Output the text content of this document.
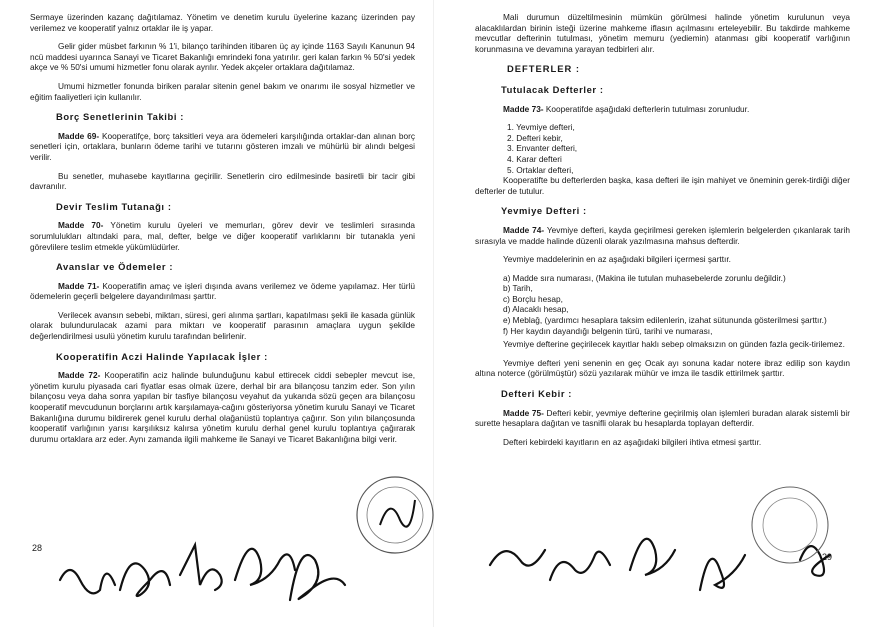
Sermaye üzerinden kazanç dağıtılamaz. Yönetim ve denetim kurulu üyelerine kazanç üzerinden pay verilemez ve kooperatif yalnız ortaklar ile iş yapar.

Gelir gider müsbet farkının % 1'i, bilanço tarihinden itibaren üç ay içinde 1163 Sayılı Kanunun 94 ncü maddesi uyarınca Sanayi ve Ticaret Bakanlığı emrindeki fona yatırılır. geri kalan farkın % 50'si yedek akçe ve % 50'si umumi hizmetler fonu olarak ayrılır. Yedek akçeler ortaklara dağıtılamaz.

Umumi hizmetler fonunda biriken paralar sitenin genel bakım ve onarımı ile sosyal hizmetler ve eğitim faaliyetleri için kullanılır.

Borç Senetlerinin Takibi :

Madde 69- Kooperatifçe, borç taksitleri veya ara ödemeleri karşılığında ortaklar-dan alınan borç senetleri için, ortaklara, bunların ödeme tarihi ve tutarını gösteren imzalı ve mühürlü bir alındı belgesi verilir.

Bu senetler, muhasebe kayıtlarına geçirilir. Senetlerin ciro edilmesinde basiretli bir tacir gibi davranılır.

Devir Teslim Tutanağı :

Madde 70- Yönetim kurulu üyeleri ve memurları, görev devir ve teslimleri sırasında sorumlulukları altındaki para, mal, defter, belge ve diğer kooperatif varlıklarını bir tutanakla yeni görevlilere teslim etmekle yükümlüdürler.

Avanslar ve Ödemeler :

Madde 71- Kooperatifin amaç ve işleri dışında avans verilemez ve ödeme yapılamaz. Her türlü ödemelerin geçerli belgelere dayandırılması şarttır.

Verilecek avansın sebebi, miktarı, süresi, geri alınma şartları, kapatılması şekli ile kasada günlük olarak bulundurulacak azami para miktarı ve kooperatif parasının amaçlara uygun şekilde değerlendirilmesi usulü yönetim kurulu tarafından belirlenir.

Kooperatifin Aczi Halinde Yapılacak İşler :

Madde 72- Kooperatifin aciz halinde bulunduğunu kabul ettirecek ciddi sebepler mevcut ise, yönetim kurulu piyasada cari fiyatlar esas olmak üzere, derhal bir ara bilançosu tanzim eder. Son yılın bilançosu veya daha sonra yapılan bir tasfiye bilançosu veyahut da yukarıda sözü geçen ara bilançosu kooperatif mevcudunun borçlarını artık karşılamaya-cağını gösteriyorsa yönetim kurulu Sanayi ve Ticaret Bakanlığına durumu bildirerek genel kurulu derhal olağanüstü toplantıya çağırır. Son yılın bilançosunda kooperatif varlığının yarısı karşılıksız kalırsa yönetim kurulu derhal genel kurulu toplantıya çağırarak durumu ortaklara arz eder. Aynı zamanda ilgili mahkeme ile Sanayi ve Ticaret Bakanlığına bilgi verir.

28

Mali durumun düzeltilmesinin mümkün görülmesi halinde yönetim kurulunun veya alacaklılardan birinin isteği üzerine mahkeme iflasın açılmasını erteleyebilir. Bu takdirde mahkeme mevcutlar defterinin tutulması, yönetim memuru (yediemin) atanması gibi kooperatif varlığının korunmasına ve devamına yarayan tedbirleri alır.

DEFTERLER :
Tutulacak Defterler :

Madde 73- Kooperatifde aşağıdaki defterlerin tutulması zorunludur.

1. Yevmiye defteri,
2. Defteri kebir,
3. Envanter defteri,
4. Karar defteri
5. Ortaklar defteri,

Kooperatifte bu defterlerden başka, kasa defteri ile işin mahiyet ve öneminin gerek-tirdiği diğer defterler de tutulur.

Yevmiye Defteri :

Madde 74- Yevmiye defteri, kayda geçirilmesi gereken işlemlerin belgelerden çıkanlarak tarih sırasıyla ve madde halinde düzenli olarak yazılmasına mahsus defterdir.

Yevmiye maddelerinin en az aşağıdaki bilgileri içermesi şarttır.

a) Madde sıra numarası, (Makina ile tutulan muhasebelerde zorunlu değildir.)
b) Tarih,
c) Borçlu hesap,
d) Alacaklı hesap,
e) Meblağ, (yardımcı hesaplara taksim edilenlerin, izahat sütununda gösterilmesi şarttır.)
f) Her kaydın dayandığı belgenin türü, tarihi ve numarası,

Yevmiye defterine geçirilecek kayıtlar haklı sebep olmaksızın on günden fazla gecik-tirilemez.

Yevmiye defteri yeni senenin en geç Ocak ayı sonuna kadar notere ibraz edilip son kaydın altına noterce (görülmüştür) sözü yazılarak mühür ve imza ile tasdik ettirilmek şarttır.

Defteri Kebir :

Madde 75- Defteri kebir, yevmiye defterine geçirilmiş olan işlemleri buradan alarak sistemli bir surette hesaplara dağıtan ve tasnifli olarak bu hesaplarda toplayan defterdir.

Defteri kebirdeki kayıtların en az aşağıdaki bilgileri ihtiva etmesi şarttır.

29
